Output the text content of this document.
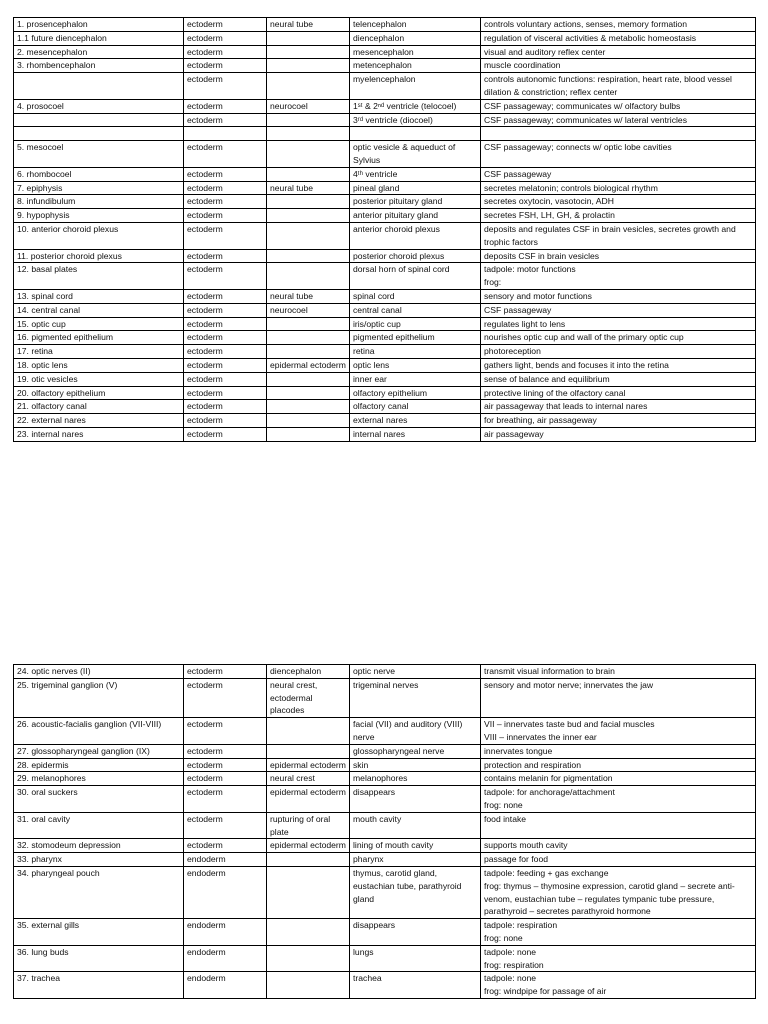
1. prosencephalon	ectoderm	neural tube	telencephalon	controls voluntary actions, senses, memory formation
1.1 future diencephalon	ectoderm		diencephalon	regulation of visceral activities & metabolic homeostasis
2. mesencephalon	ectoderm		mesencephalon	visual and auditory reflex center
3. rhombencephalon	ectoderm		metencephalon	muscle coordination
	ectoderm		myelencephalon	controls autonomic functions: respiration, heart rate, blood vessel dilation & constriction; reflex center
4. prosocoel	ectoderm	neurocoel	1ˢᵗ & 2ⁿᵈ ventricle (telocoel)	CSF passageway; communicates w/ olfactory bulbs
	ectoderm		3ʳᵈ ventricle (diocoel)	CSF passageway; communicates w/ lateral ventricles

5. mesocoel	ectoderm		optic vesicle & aqueduct of Sylvius	CSF passageway; connects w/ optic lobe cavities
6. rhombocoel	ectoderm		4ᵗʰ ventricle	CSF passageway
7. epiphysis	ectoderm	neural tube	pineal gland	secretes melatonin; controls biological rhythm
8. infundibulum	ectoderm		posterior pituitary gland	secretes oxytocin, vasotocin, ADH
9. hypophysis	ectoderm		anterior pituitary gland	secretes FSH, LH, GH, & prolactin
10. anterior choroid plexus	ectoderm		anterior choroid plexus	deposits and regulates CSF in brain vesicles, secretes growth and trophic factors
11. posterior choroid plexus	ectoderm		posterior choroid plexus	deposits CSF in brain vesicles
12. basal plates	ectoderm		dorsal horn of spinal cord	tadpole: motor functions
frog:
13. spinal cord	ectoderm	neural tube	spinal cord	sensory and motor functions
14. central canal	ectoderm	neurocoel	central canal	CSF passageway
15. optic cup	ectoderm		iris/optic cup	regulates light to lens
16. pigmented epithelium	ectoderm		pigmented epithelium	nourishes optic cup and wall of the primary optic cup
17. retina	ectoderm		retina	photoreception
18. optic lens	ectoderm	epidermal ectoderm	optic lens	gathers light, bends and focuses it into the retina
19. otic vesicles	ectoderm		inner ear	sense of balance and equilibrium
20. olfactory epithelium	ectoderm		olfactory epithelium	protective lining of the olfactory canal
21. olfactory canal	ectoderm		olfactory canal	air passageway that leads to internal nares
22. external nares	ectoderm		external nares	for breathing, air passageway
23. internal nares	ectoderm		internal nares	air passageway
24. optic nerves (II)	ectoderm	diencephalon	optic nerve	transmit visual information to brain
25. trigeminal ganglion (V)	ectoderm	neural crest, ectodermal placodes	trigeminal nerves	sensory and motor nerve; innervates the jaw
26. acoustic-facialis ganglion (VII-VIII)	ectoderm		facial (VII) and auditory (VIII) nerve	VII – innervates taste bud and facial muscles
VIII – innervates the inner ear
27. glossopharyngeal ganglion (IX)	ectoderm		glossopharyngeal nerve	innervates tongue
28. epidermis	ectoderm	epidermal ectoderm	skin	protection and respiration
29. melanophores	ectoderm	neural crest	melanophores	contains melanin for pigmentation
30. oral suckers	ectoderm	epidermal ectoderm	disappears	tadpole: for anchorage/attachment
frog: none
31. oral cavity	ectoderm	rupturing of oral plate	mouth cavity	food intake
32. stomodeum depression	ectoderm	epidermal ectoderm	lining of mouth cavity	supports mouth cavity
33. pharynx	endoderm		pharynx	passage for food
34. pharyngeal pouch	endoderm		thymus, carotid gland, eustachian tube, parathyroid gland	tadpole: feeding + gas exchange
frog: thymus – thymosine expression, carotid gland – secrete anti-venom, eustachian tube – regulates tympanic tube pressure, parathyroid – secretes parathyroid hormone
35. external gills	endoderm		disappears	tadpole: respiration
frog: none
36. lung buds	endoderm		lungs	tadpole: none
frog: respiration
37. trachea	endoderm		trachea	tadpole: none
frog: windpipe for passage of air
